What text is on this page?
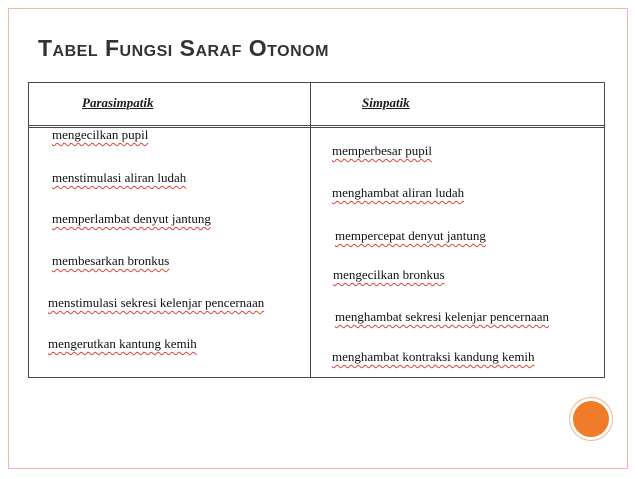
Tabel Fungsi Saraf Otonom
Parasimpatik	Simpatik
mengecilkan pupil
menstimulasi aliran ludah
memperlambat denyut jantung
membesarkan bronkus
menstimulasi sekresi kelenjar pencernaan
mengerutkan kantung kemih
memperbesar pupil
menghambat aliran ludah
mempercepat denyut jantung
mengecilkan bronkus
menghambat sekresi kelenjar pencernaan
menghambat kontraksi kandung kemih
